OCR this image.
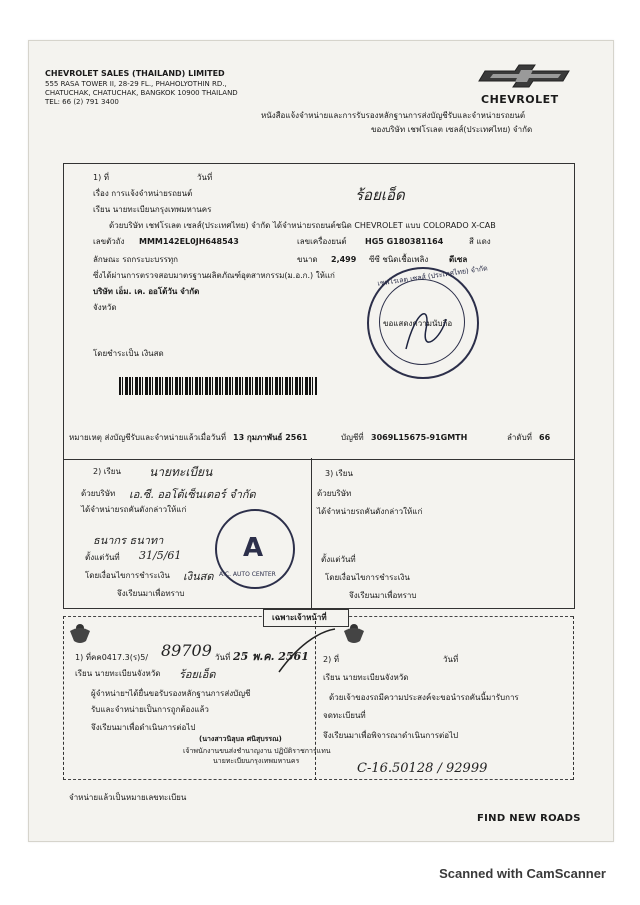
CHEVROLET SALES (THAILAND) LIMITED
555 RASA TOWER II, 28-29 FL., PHAHOLYOTHIN RD.,
CHATUCHAK, CHATUCHAK, BANGKOK 10900 THAILAND
TEL: 66 (2) 791 3400	CHEVROLET
หนังสือแจ้งจำหน่ายและการรับรองหลักฐานการส่งบัญชีรับและจำหน่ายรถยนต์
ของบริษัท เชฟโรเลต เซลส์(ประเทศไทย) จำกัด
1) ที่	วันที่
เรื่อง การแจ้งจำหน่ายรถยนต์	ร้อยเอ็ด
เรียน นายทะเบียนกรุงเทพมหานคร
ด้วยบริษัท เชฟโรเลต เซลส์(ประเทศไทย) จำกัด ได้จำหน่ายรถยนต์ชนิด CHEVROLET แบบ COLORADO X-CAB
เลขตัวถัง MMM142EL0JH648543	เลขเครื่องยนต์ HG5 G180381164	สี แดง
ลักษณะ รถกระบะบรรทุก	ขนาด 2,499 ซีซี ชนิดเชื้อเพลิง	ดีเซล
ซึ่งได้ผ่านการตรวจสอบมาตรฐานผลิตภัณฑ์อุตสาหกรรม(ม.อ.ก.) ให้แก่
บริษัท เอ็ม. เค. ออโต้วัน จำกัด
จังหวัด
โดยชำระเป็น เงินสด
เชฟโรเลต เซลส์ (ประเทศไทย) จำกัด
ขอแสดงความนับถือ
หมายเหตุ ส่งบัญชีรับและจำหน่ายแล้วเมื่อวันที่ 13 กุมภาพันธ์ 2561	บัญชีที่ 3069L15675-91GMTH	ลำดับที่ 66
2) เรียน นายทะเบียน
ด้วยบริษัท เอ.ซี. ออโต้เซ็นเตอร์ จำกัด
ได้จำหน่ายรถคันดังกล่าวให้แก่
ธนากร ธนาทา
ตั้งแต่วันที่ 31/5/61
โดยเงื่อนไขการชำระเงิน เงินสด
จึงเรียนมาเพื่อทราบ
A
A.C. AUTO CENTER
3) เรียน
ด้วยบริษัท
ได้จำหน่ายรถคันดังกล่าวให้แก่
ตั้งแต่วันที่
โดยเงื่อนไขการชำระเงิน
จึงเรียนมาเพื่อทราบ
เฉพาะเจ้าหน้าที่
1) ที่ คค0417.3(ร)5/ 89709 วันที่ 25 พ.ค. 2561
เรียน นายทะเบียนจังหวัด ร้อยเอ็ด
ผู้จำหน่ายฯได้ยื่นขอรับรองหลักฐานการส่งบัญชี
รับและจำหน่ายเป็นการถูกต้องแล้ว
จึงเรียนมาเพื่อดำเนินการต่อไป
(นางสาวนิลุบล ศนิสุบรรณ)
เจ้าพนักงานขนส่งชำนาญงาน ปฏิบัติราชการแทน
นายทะเบียนกรุงเทพมหานคร
2) ที่	วันที่
เรียน นายทะเบียนจังหวัด
ด้วยเจ้าของรถมีความประสงค์จะขอนำรถคันนี้มารับการ
จดทะเบียนที่
จึงเรียนมาเพื่อพิจารณาดำเนินการต่อไป
C-16.50128 / 92999
จำหน่ายแล้วเป็นหมายเลขทะเบียน
FIND NEW ROADS
Scanned with CamScanner
